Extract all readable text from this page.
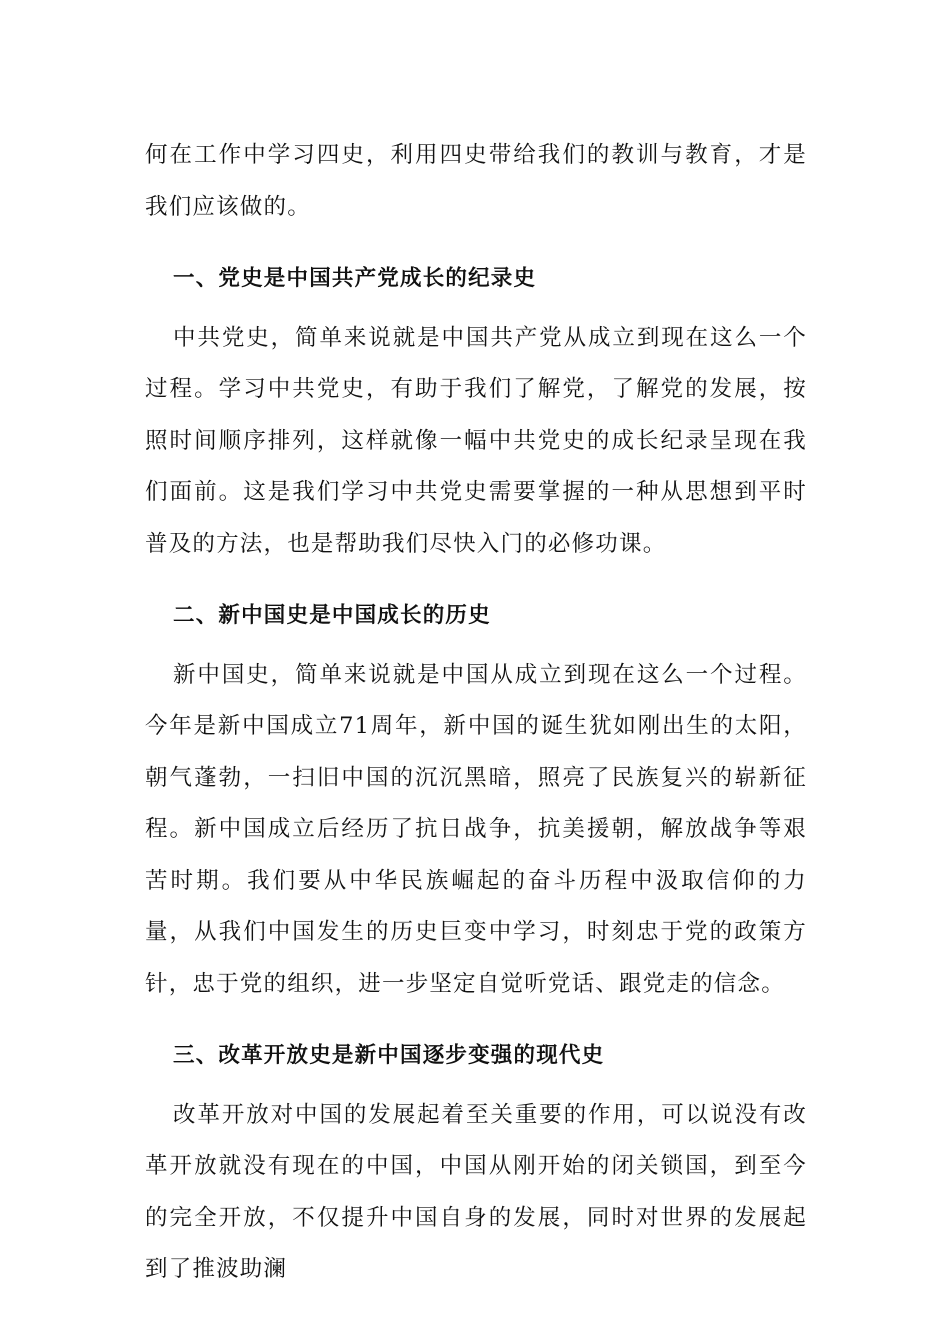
何在工作中学习四史，利用四史带给我们的教训与教育，才是我们应该做的。

一、党史是中国共产党成长的纪录史

中共党史，简单来说就是中国共产党从成立到现在这么一个过程。学习中共党史，有助于我们了解党，了解党的发展，按照时间顺序排列，这样就像一幅中共党史的成长纪录呈现在我们面前。这是我们学习中共党史需要掌握的一种从思想到平时普及的方法，也是帮助我们尽快入门的必修功课。

二、新中国史是中国成长的历史

新中国史，简单来说就是中国从成立到现在这么一个过程。今年是新中国成立71周年，新中国的诞生犹如刚出生的太阳，朝气蓬勃，一扫旧中国的沉沉黑暗，照亮了民族复兴的崭新征程。新中国成立后经历了抗日战争，抗美援朝，解放战争等艰苦时期。我们要从中华民族崛起的奋斗历程中汲取信仰的力量，从我们中国发生的历史巨变中学习，时刻忠于党的政策方针，忠于党的组织，进一步坚定自觉听党话、跟党走的信念。

三、改革开放史是新中国逐步变强的现代史

改革开放对中国的发展起着至关重要的作用，可以说没有改革开放就没有现在的中国，中国从刚开始的闭关锁国，到至今的完全开放，不仅提升中国自身的发展，同时对世界的发展起到了推波助澜
